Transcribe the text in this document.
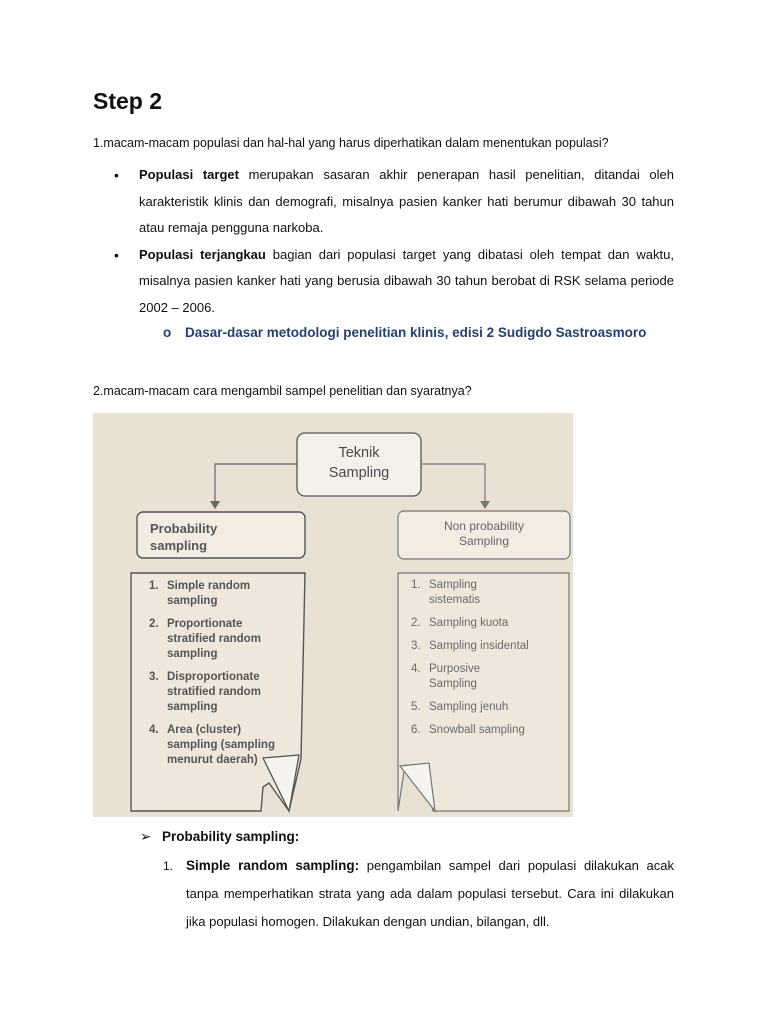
Step 2

1.macam-macam populasi dan hal-hal yang harus diperhatikan dalam menentukan populasi?

• Populasi target merupakan sasaran akhir penerapan hasil penelitian, ditandai oleh karakteristik klinis dan demografi, misalnya pasien kanker hati berumur dibawah 30 tahun atau remaja pengguna narkoba.
• Populasi terjangkau bagian dari populasi target yang dibatasi oleh tempat dan waktu, misalnya pasien kanker hati yang berusia dibawah 30 tahun berobat di RSK selama periode 2002 – 2006.

o Dasar-dasar metodologi penelitian klinis, edisi 2 Sudigdo Sastroasmoro

2.macam-macam cara mengambil sampel penelitian dan syaratnya?

Teknik
Sampling
Probability
sampling
Non probability
Sampling
1. Simple random
sampling
2. Proportionate
stratified random
sampling
3. Disproportionate
stratified random
sampling
4. Area (cluster)
sampling (sampling
menurut daerah)
1. Sampling
sistematis
2. Sampling kuota
3. Sampling insidental
4. Purposive
Sampling
5. Sampling jenuh
6. Snowball sampling

➢ Probability sampling:

1. Simple random sampling: pengambilan sampel dari populasi dilakukan acak tanpa memperhatikan strata yang ada dalam populasi tersebut. Cara ini dilakukan jika populasi homogen. Dilakukan dengan undian, bilangan, dll.
